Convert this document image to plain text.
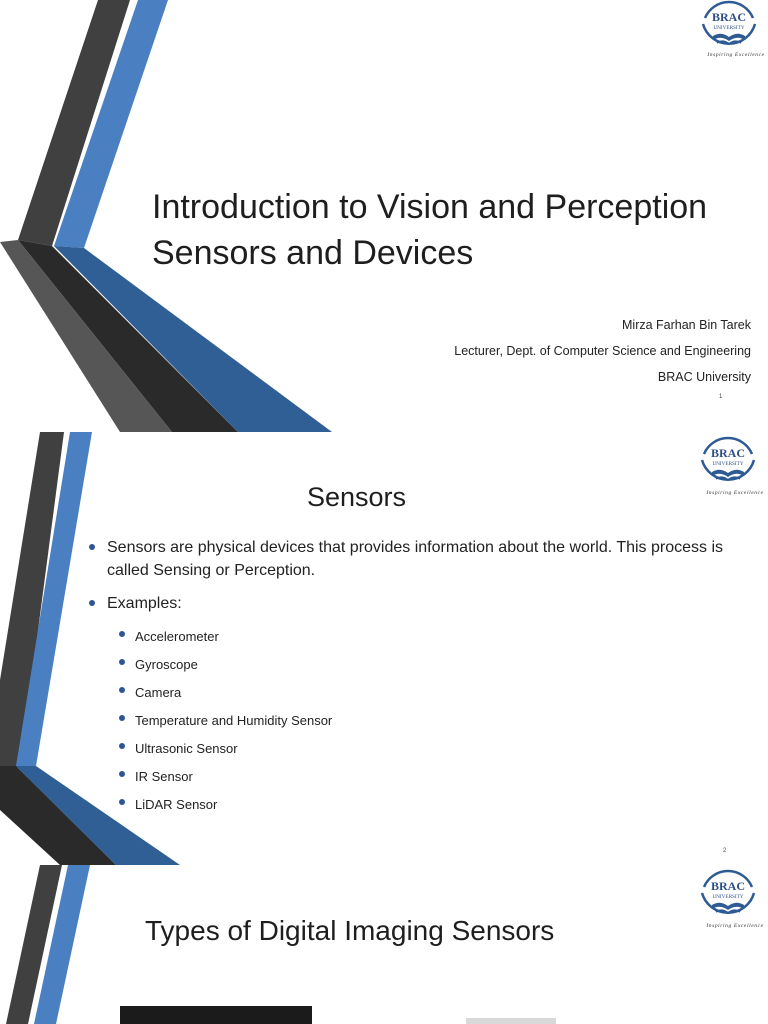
BRAC
UNIVERSITY
Inspiring Excellence
Introduction to Vision and Perception
Sensors and Devices
Mirza Farhan Bin Tarek
Lecturer, Dept. of Computer Science and Engineering
BRAC University
1
BRAC
UNIVERSITY
Inspiring Excellence
Sensors
Sensors are physical devices that provides information about the world. This process is called Sensing or Perception.
Examples:
Accelerometer
Gyroscope
Camera
Temperature and Humidity Sensor
Ultrasonic Sensor
IR Sensor
LiDAR Sensor
2
BRAC
UNIVERSITY
Inspiring Excellence
Types of Digital Imaging Sensors
